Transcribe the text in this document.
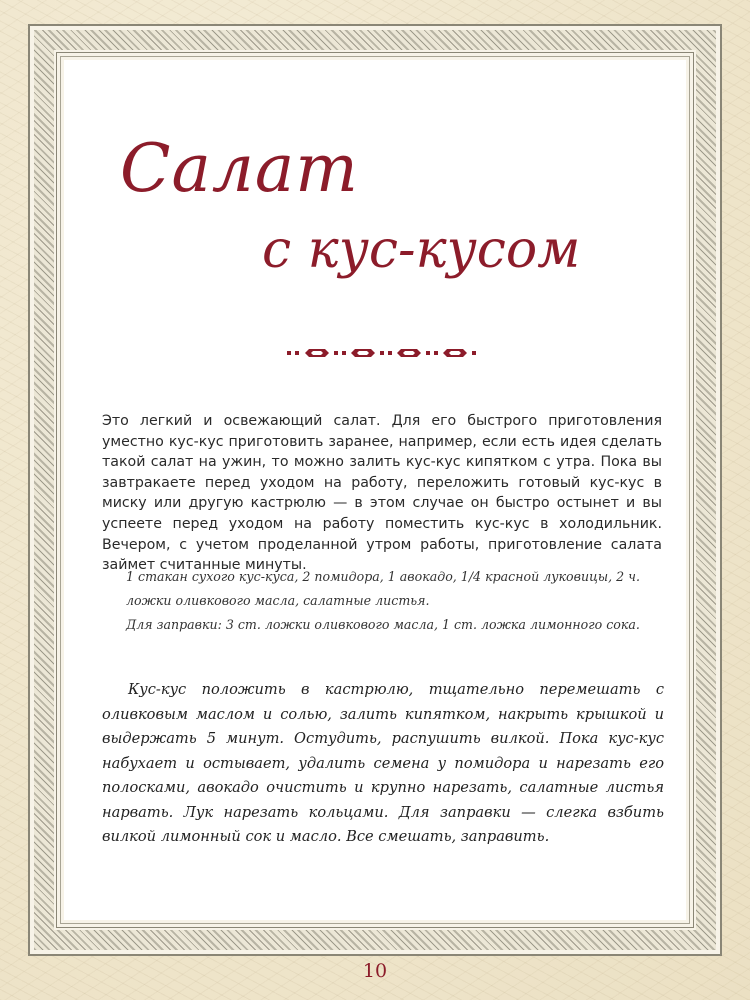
Салат
с кус-кусом

Это легкий и освежающий салат. Для его быстрого приготовления уместно кус-кус приготовить заранее, например, если есть идея сделать такой салат на ужин, то можно залить кус-кус кипятком с утра. Пока вы завтракаете перед уходом на работу, переложить готовый кус-кус в миску или другую кастрюлю — в этом случае он быстро остынет и вы успеете перед уходом на работу поместить кус-кус в холодильник. Вечером, с учетом проделанной утром работы, приготовление салата займет считанные минуты.

1 стакан сухого кус-куса, 2 помидора, 1 авокадо, 1/4 красной луковицы, 2 ч. ложки оливкового масла, салатные листья.

Для заправки: 3 ст. ложки оливкового масла, 1 ст. ложка лимонного сока.

Кус-кус положить в кастрюлю, тщательно перемешать с оливковым маслом и солью, залить кипятком, накрыть крышкой и выдержать 5 минут. Остудить, распушить вилкой. Пока кус-кус набухает и остывает, удалить семена у помидора и нарезать его полосками, авокадо очистить и крупно нарезать, салатные листья нарвать. Лук нарезать кольцами. Для заправки — слегка взбить вилкой лимонный сок и масло. Все смешать, заправить.

10
